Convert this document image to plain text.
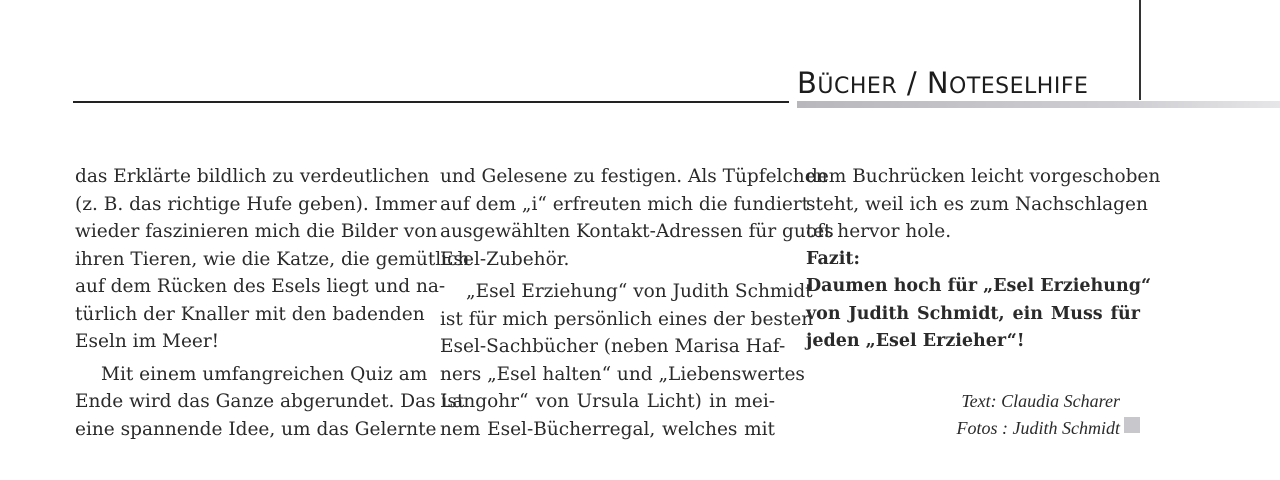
BÜCHER / NOTESELHIFE
das Erklärte bildlich zu verdeutlichen
(z. B. das richtige Hufe geben). Immer
wieder faszinieren mich die Bilder von
ihren Tieren, wie die Katze, die gemütlich
auf dem Rücken des Esels liegt und na-
türlich der Knaller mit den badenden
Eseln im Meer!
Mit einem umfangreichen Quiz am
Ende wird das Ganze abgerundet. Das ist
eine spannende Idee, um das Gelernte
und Gelesene zu festigen. Als Tüpfelchen
auf dem „i“ erfreuten mich die fundiert
ausgewählten Kontakt-Adressen für gutes
Esel-Zubehör.
„Esel Erziehung“ von Judith Schmidt
ist für mich persönlich eines der besten
Esel-Sachbücher (neben Marisa Haf-
ners „Esel halten“ und „Liebenswertes
Langohr“ von Ursula Licht) in mei-
nem Esel-Bücherregal, welches mit
dem Buchrücken leicht vorgeschoben
steht, weil ich es zum Nachschlagen
oft hervor hole.
Fazit:
Daumen hoch für „Esel Erziehung“
von Judith Schmidt, ein Muss für
jeden „Esel Erzieher“!
Text: Claudia Scharer
Fotos : Judith Schmidt
